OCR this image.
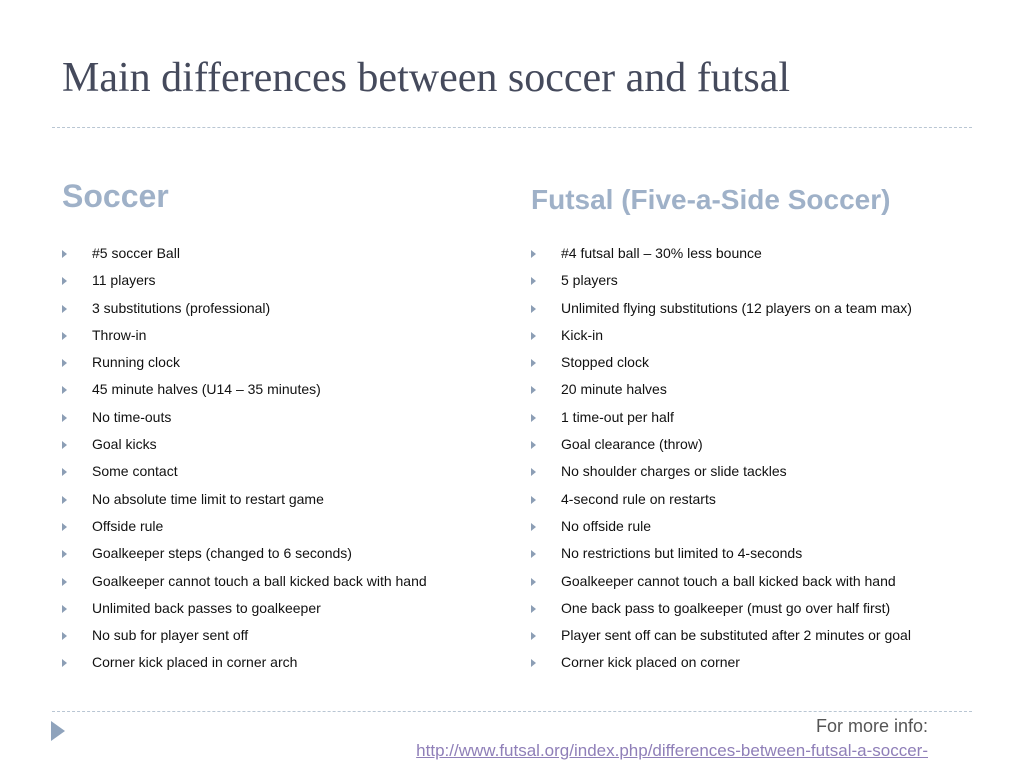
Main differences between soccer and futsal
Soccer	Futsal (Five-a-Side Soccer)
#5 soccer Ball
11 players
3 substitutions (professional)
Throw-in
Running clock
45 minute halves (U14 – 35 minutes)
No time-outs
Goal kicks
Some contact
No absolute time limit to restart game
Offside rule
Goalkeeper steps (changed to 6 seconds)
Goalkeeper cannot touch a ball kicked back with hand
Unlimited back passes to goalkeeper
No sub for player sent off
Corner kick placed in corner arch
#4 futsal ball – 30% less bounce
5 players
Unlimited flying substitutions (12 players on a team max)
Kick-in
Stopped clock
20 minute halves
1 time-out per half
Goal clearance (throw)
No shoulder charges or slide tackles
4-second rule on restarts
No offside rule
No restrictions but limited to 4-seconds
Goalkeeper cannot touch a ball kicked back with hand
One back pass to goalkeeper (must go over half first)
Player sent off can be substituted after 2 minutes or goal
Corner kick placed on corner
For more info:
http://www.futsal.org/index.php/differences-between-futsal-a-soccer-
